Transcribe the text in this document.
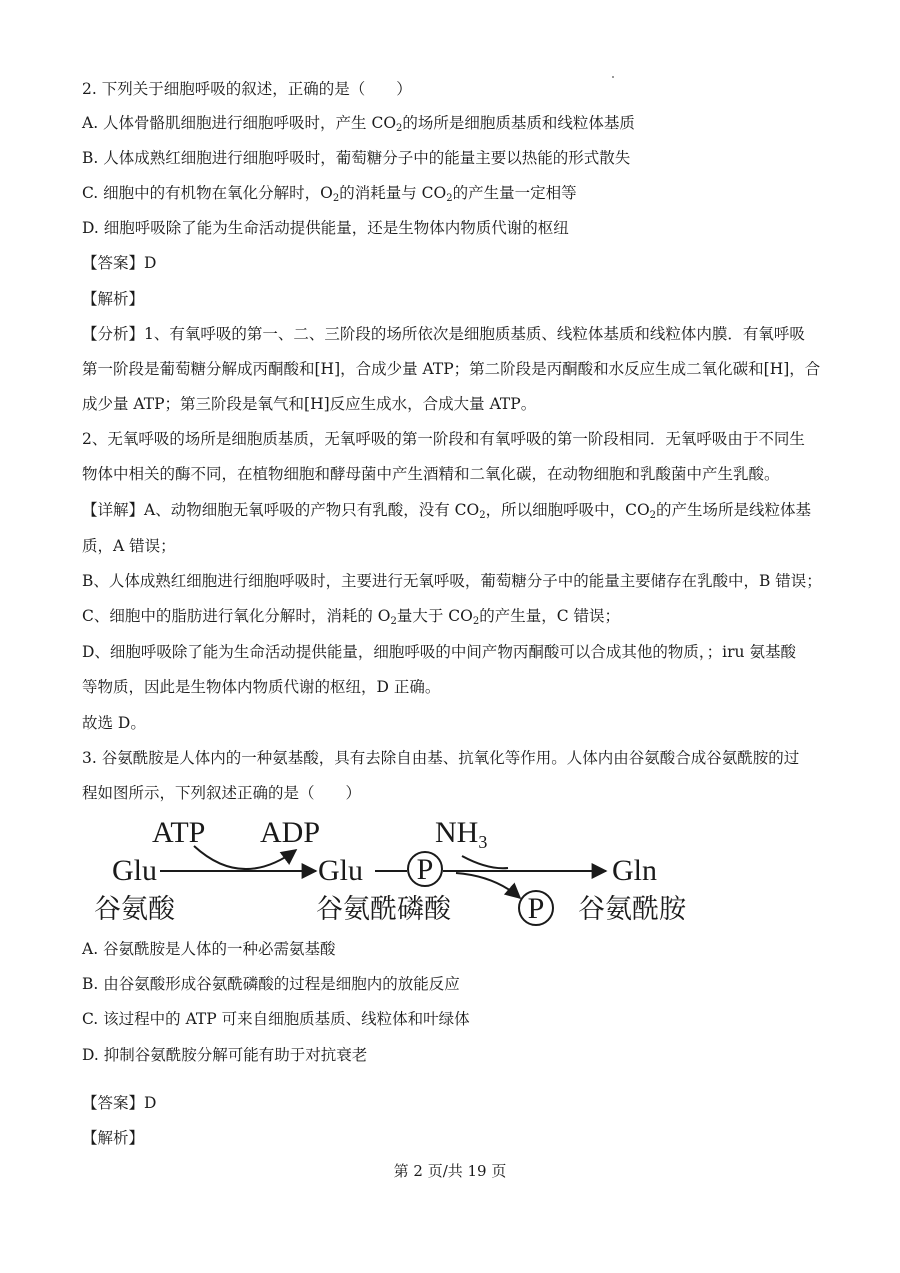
2. 下列关于细胞呼吸的叙述，正确的是（　　）
A. 人体骨骼肌细胞进行细胞呼吸时，产生 $CO_2$的场所是细胞质基质和线粒体基质
B. 人体成熟红细胞进行细胞呼吸时，葡萄糖分子中的能量主要以热能的形式散失
C. 细胞中的有机物在氧化分解时，$O_2$的消耗量与 $CO_2$的产生量一定相等
D. 细胞呼吸除了能为生命活动提供能量，还是生物体内物质代谢的枢纽
【答案】D
【解析】
【分析】1、有氧呼吸的第一、二、三阶段的场所依次是细胞质基质、线粒体基质和线粒体内膜．有氧呼吸
第一阶段是葡萄糖分解成丙酮酸和[H]，合成少量 ATP；第二阶段是丙酮酸和水反应生成二氧化碳和[H]，合
成少量 ATP；第三阶段是氧气和[H]反应生成水，合成大量 ATP。
2、无氧呼吸的场所是细胞质基质，无氧呼吸的第一阶段和有氧呼吸的第一阶段相同．无氧呼吸由于不同生
物体中相关的酶不同，在植物细胞和酵母菌中产生酒精和二氧化碳，在动物细胞和乳酸菌中产生乳酸。
【详解】A、动物细胞无氧呼吸的产物只有乳酸，没有 $CO_2$，所以细胞呼吸中，$CO_2$的产生场所是线粒体基
质，A 错误；
B、人体成熟红细胞进行细胞呼吸时，主要进行无氧呼吸，葡萄糖分子中的能量主要储存在乳酸中，B 错误；
C、细胞中的脂肪进行氧化分解时，消耗的 $O_2$量大于 $CO_2$的产生量，C 错误；
D、细胞呼吸除了能为生命活动提供能量，细胞呼吸的中间产物丙酮酸可以合成其他的物质，；iru 氨基酸
等物质，因此是生物体内物质代谢的枢纽，D 正确。
故选 D。
3. 谷氨酰胺是人体内的一种氨基酸，具有去除自由基、抗氧化等作用。人体内由谷氨酸合成谷氨酰胺的过
程如图所示，下列叙述正确的是（　　）
ATP ADP	$NH_3$
Glu	Glu P	Gln
P
谷氨酸	谷氨酰磷酸	谷氨酰胺
A. 谷氨酰胺是人体的一种必需氨基酸
B. 由谷氨酸形成谷氨酰磷酸的过程是细胞内的放能反应
C. 该过程中的 ATP 可来自细胞质基质、线粒体和叶绿体
D. 抑制谷氨酰胺分解可能有助于对抗衰老
【答案】D
【解析】
第 2 页/共 19 页
